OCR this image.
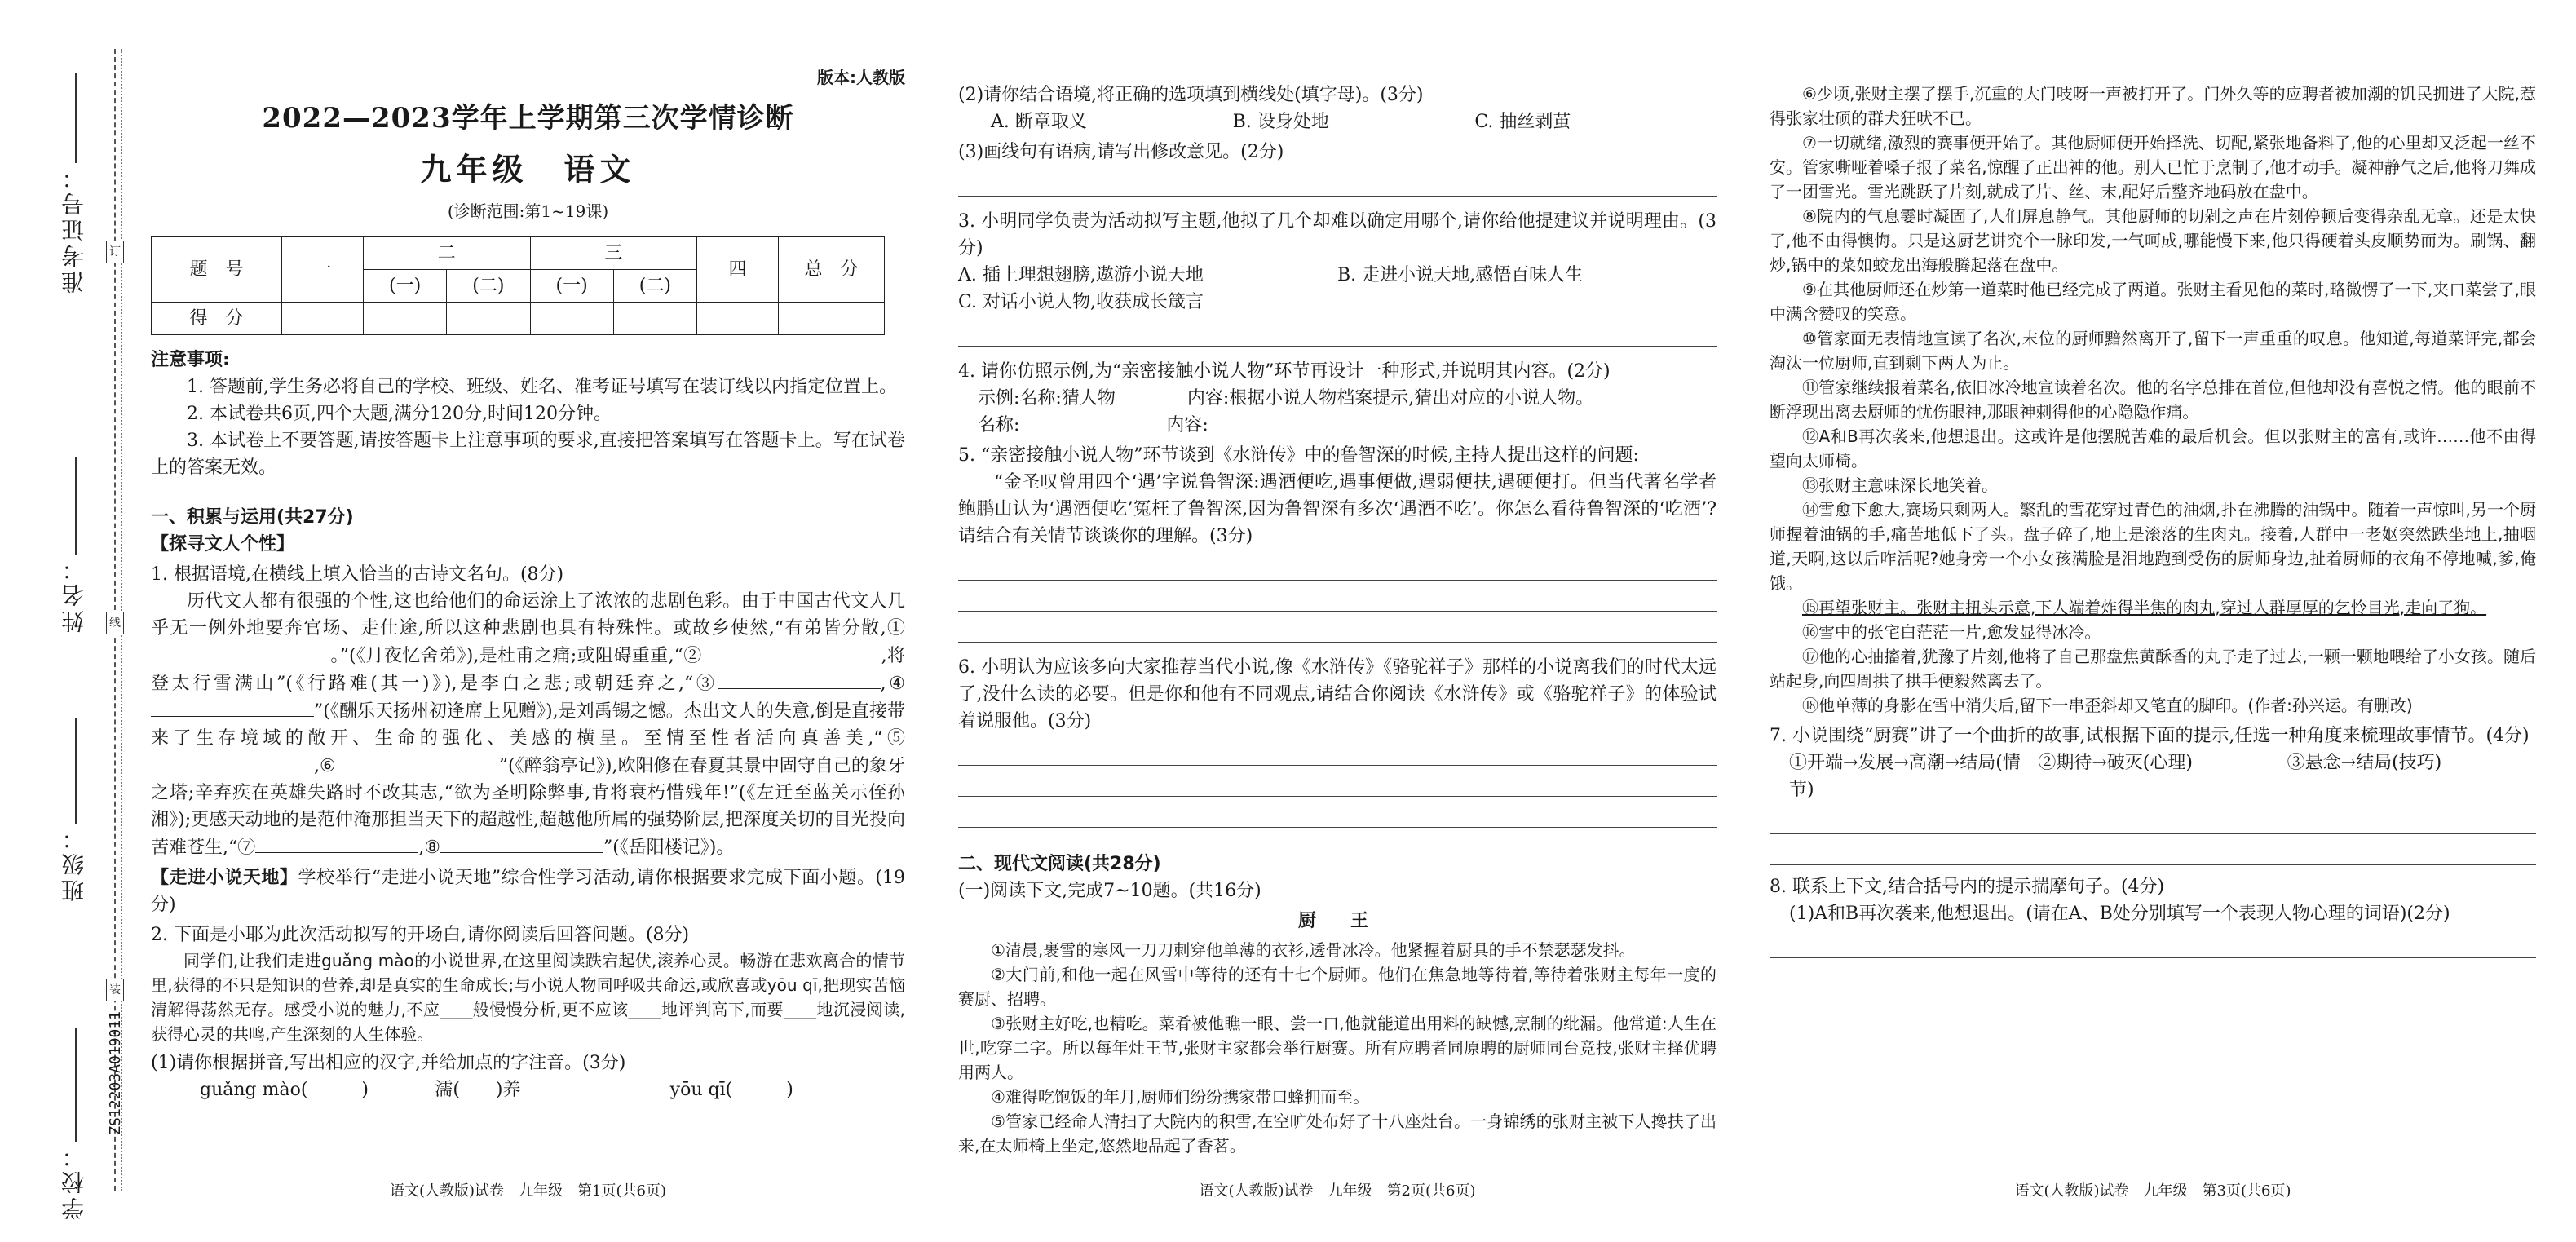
准考证号：
姓名：
班级：
学校：
订
线
装
ZS12203A019011
版本:人教版
2022—2023学年上学期第三次学情诊断
九年级　语文
(诊断范围:第1~19课)
题　号	一	二		三		四	总　分
		(一)	(二)	(一)	(二)		
得　分							
注意事项:
1. 答题前,学生务必将自己的学校、班级、姓名、准考证号填写在装订线以内指定位置上。
2. 本试卷共6页,四个大题,满分120分,时间120分钟。
3. 本试卷上不要答题,请按答题卡上注意事项的要求,直接把答案填写在答题卡上。写在试卷上的答案无效。
一、积累与运用(共27分)
【探寻文人个性】
1. 根据语境,在横线上填入恰当的古诗文名句。(8分)
历代文人都有很强的个性,这也给他们的命运涂上了浓浓的悲剧色彩。由于中国古代文人几乎无一例外地要奔官场、走仕途,所以这种悲剧也具有特殊性。或故乡使然,“有弟皆分散,①。”(《月夜忆舍弟》),是杜甫之痛;或阻碍重重,“②	,将登太行雪满山”(《行路难(其一)》),是李白之悲;或朝廷弃之,“③	,④”(《酬乐天扬州初逢席上见赠》),是刘禹锡之憾。杰出文人的失意,倒是直接带来了生存境域的敞开、生命的强化、美感的横呈。至情至性者活向真善美,“⑤,⑥	”(《醉翁亭记》),欧阳修在春夏其景中固守自己的象牙之塔;辛弃疾在英雄失路时不改其志,“欲为圣明除弊事,肯将衰朽惜残年!”(《左迁至蓝关示侄孙湘》);更感天动地的是范仲淹那担当天下的超越性,超越他所属的强势阶层,把深度关切的目光投向苦难苍生,“⑦	,⑧	”(《岳阳楼记》)。
【走进小说天地】学校举行“走进小说天地”综合性学习活动,请你根据要求完成下面小题。(19分)
2. 下面是小耶为此次活动拟写的开场白,请你阅读后回答问题。(8分)
同学们,让我们走进guǎng mào的小说世界,在这里阅读跌宕起伏,滚养心灵。畅游在悲欢离合的情节里,获得的不只是知识的营养,却是真实的生命成长;与小说人物同呼吸共命运,或欣喜或yōu qī,把现实苦恼清解得荡然无存。感受小说的魅力,不应____般慢慢分析,更不应该____地评判高下,而要____地沉浸阅读,获得心灵的共鸣,产生深刻的人生体验。
(1)请你根据拼音,写出相应的汉字,并给加点的字注音。(3分)
guǎng mào(　　　)	濡(　　)养	yōu qī(　　　)
语文(人教版)试卷　九年级　第1页(共6页)
(2)请你结合语境,将正确的选项填到横线处(填字母)。(3分)
A. 断章取义	B. 设身处地	C. 抽丝剥茧
(3)画线句有语病,请写出修改意见。(2分)
3. 小明同学负责为活动拟写主题,他拟了几个却难以确定用哪个,请你给他提建议并说明理由。(3分)
A. 插上理想翅膀,遨游小说天地	B. 走进小说天地,感悟百味人生
C. 对话小说人物,收获成长箴言
4. 请你仿照示例,为“亲密接触小说人物”环节再设计一种形式,并说明其内容。(2分)
示例:名称:猜人物　　　　内容:根据小说人物档案提示,猜出对应的小说人物。
名称:	内容:
5. “亲密接触小说人物”环节谈到《水浒传》中的鲁智深的时候,主持人提出这样的问题:
“金圣叹曾用四个‘遇’字说鲁智深:遇酒便吃,遇事便做,遇弱便扶,遇硬便打。但当代著名学者鲍鹏山认为‘遇酒便吃’冤枉了鲁智深,因为鲁智深有多次‘遇酒不吃’。你怎么看待鲁智深的‘吃酒’?请结合有关情节谈谈你的理解。(3分)
6. 小明认为应该多向大家推荐当代小说,像《水浒传》《骆驼祥子》那样的小说离我们的时代太远了,没什么读的必要。但是你和他有不同观点,请结合你阅读《水浒传》或《骆驼祥子》的体验试着说服他。(3分)
二、现代文阅读(共28分)
(一)阅读下文,完成7~10题。(共16分)
厨　王
①清晨,裹雪的寒风一刀刀刺穿他单薄的衣衫,透骨冰冷。他紧握着厨具的手不禁瑟瑟发抖。
②大门前,和他一起在风雪中等待的还有十七个厨师。他们在焦急地等待着,等待着张财主每年一度的赛厨、招聘。
③张财主好吃,也精吃。菜肴被他瞧一眼、尝一口,他就能道出用料的缺憾,烹制的纰漏。他常道:人生在世,吃穿二字。所以每年灶王节,张财主家都会举行厨赛。所有应聘者同原聘的厨师同台竞技,张财主择优聘用两人。
④难得吃饱饭的年月,厨师们纷纷携家带口蜂拥而至。
⑤管家已经命人清扫了大院内的积雪,在空旷处布好了十八座灶台。一身锦绣的张财主被下人搀扶了出来,在太师椅上坐定,悠然地品起了香茗。
语文(人教版)试卷　九年级　第2页(共6页)
⑥少顷,张财主摆了摆手,沉重的大门吱呀一声被打开了。门外久等的应聘者被加潮的饥民拥进了大院,惹得张家壮硕的群犬狂吠不已。
⑦一切就绪,激烈的赛事便开始了。其他厨师便开始择洗、切配,紧张地备料了,他的心里却又泛起一丝不安。管家嘶哑着嗓子报了菜名,惊醒了正出神的他。别人已忙于烹制了,他才动手。凝神静气之后,他将刀舞成了一团雪光。雪光跳跃了片刻,就成了片、丝、末,配好后整齐地码放在盘中。
⑧院内的气息霎时凝固了,人们屏息静气。其他厨师的切剁之声在片刻停顿后变得杂乱无章。还是太快了,他不由得懊悔。只是这厨艺讲究个一脉印发,一气呵成,哪能慢下来,他只得硬着头皮顺势而为。刷锅、翻炒,锅中的菜如蛟龙出海般腾起落在盘中。
⑨在其他厨师还在炒第一道菜时他已经完成了两道。张财主看见他的菜时,略微愣了一下,夹口菜尝了,眼中满含赞叹的笑意。
⑩管家面无表情地宣读了名次,末位的厨师黯然离开了,留下一声重重的叹息。他知道,每道菜评完,都会淘汰一位厨师,直到剩下两人为止。
⑪管家继续报着菜名,依旧冰冷地宣读着名次。他的名字总排在首位,但他却没有喜悦之情。他的眼前不断浮现出离去厨师的忧伤眼神,那眼神刺得他的心隐隐作痛。
⑫A和B再次袭来,他想退出。这或许是他摆脱苦难的最后机会。但以张财主的富有,或许……他不由得望向太师椅。
⑬张财主意味深长地笑着。
⑭雪愈下愈大,赛场只剩两人。繁乱的雪花穿过青色的油烟,扑在沸腾的油锅中。随着一声惊叫,另一个厨师握着油锅的手,痛苦地低下了头。盘子碎了,地上是滚落的生肉丸。接着,人群中一老妪突然跌坐地上,抽咽道,天啊,这以后咋活呢?她身旁一个小女孩满脸是泪地跑到受伤的厨师身边,扯着厨师的衣角不停地喊,爹,俺饿。
⑮再望张财主。张财主扭头示意,下人端着炸得半焦的肉丸,穿过人群厚厚的乞怜目光,走向了狗。
⑯雪中的张宅白茫茫一片,愈发显得冰冷。
⑰他的心抽搐着,犹豫了片刻,他将了自己那盘焦黄酥香的丸子走了过去,一颗一颗地喂给了小女孩。随后站起身,向四周拱了拱手便毅然离去了。
⑱他单薄的身影在雪中消失后,留下一串歪斜却又笔直的脚印。(作者:孙兴运。有删改)
7. 小说围绕“厨赛”讲了一个曲折的故事,试根据下面的提示,任选一种角度来梳理故事情节。(4分)
①开端→发展→高潮→结局(情节)
②期待→破灭(心理)	③悬念→结局(技巧)
8. 联系上下文,结合括号内的提示揣摩句子。(4分)
(1)A和B再次袭来,他想退出。(请在A、B处分别填写一个表现人物心理的词语)(2分)
语文(人教版)试卷　九年级　第3页(共6页)
